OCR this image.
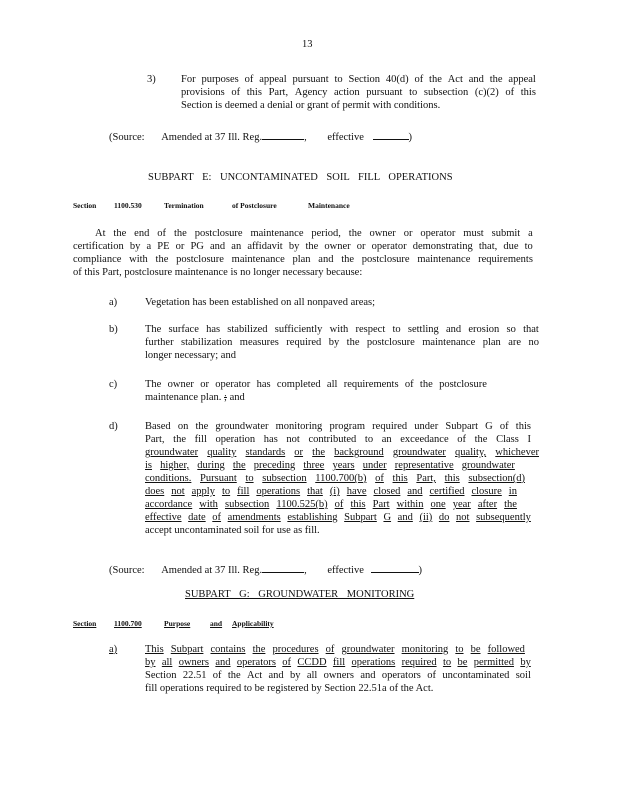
13
3) For purposes of appeal pursuant to Section 40(d) of the Act and the appeal
provisions of this Part, Agency action pursuant to subsection (c)(2) of this
Section is deemed a denial or grant of permit with conditions.
(Source: Amended at 37 Ill. Reg.	, effective	)
SUBPART E: UNCONTAMINATED SOIL FILL OPERATIONS
Section 1100.530	Termination	of Postclosure	Maintenance
At the end of the postclosure maintenance period, the owner or operator must submit a
certification by a PE or PG and an affidavit by the owner or operator demonstrating that, due to
compliance with the postclosure maintenance plan and the postclosure maintenance requirements
of this Part, postclosure maintenance is no longer necessary because:
a)	Vegetation has been established on all nonpaved areas;
b)	The surface has stabilized sufficiently with respect to settling and erosion so that
further stabilization measures required by the postclosure maintenance plan are no
longer necessary; and
c)	The owner or operator has completed all requirements of the postclosure
maintenance plan. ; and
d)	Based on the groundwater monitoring program required under Subpart G of this
Part, the fill operation has not contributed to an exceedance of the Class I
groundwater quality standards or the background groundwater quality, whichever
is higher, during the preceding three years under representative groundwater
conditions. Pursuant to subsection 1100.700(b) of this Part, this subsection(d)
does not apply to fill operations that (i) have closed and certified closure in
accordance with subsection 1100.525(b) of this Part within one year after the
effective date of amendments establishing Subpart G and (ii) do not subsequently
accept uncontaminated soil for use as fill.
(Source: Amended at 37 Ill. Reg.	, effective	)
SUBPART G: GROUNDWATER MONITORING
Section 1100.700	Purpose	and Applicability
a)	This Subpart contains the procedures of groundwater monitoring to be followed
by all owners and operators of CCDD fill operations required to be permitted by
Section 22.51 of the Act and by all owners and operators of uncontaminated soil
fill operations required to be registered by Section 22.51a of the Act.
